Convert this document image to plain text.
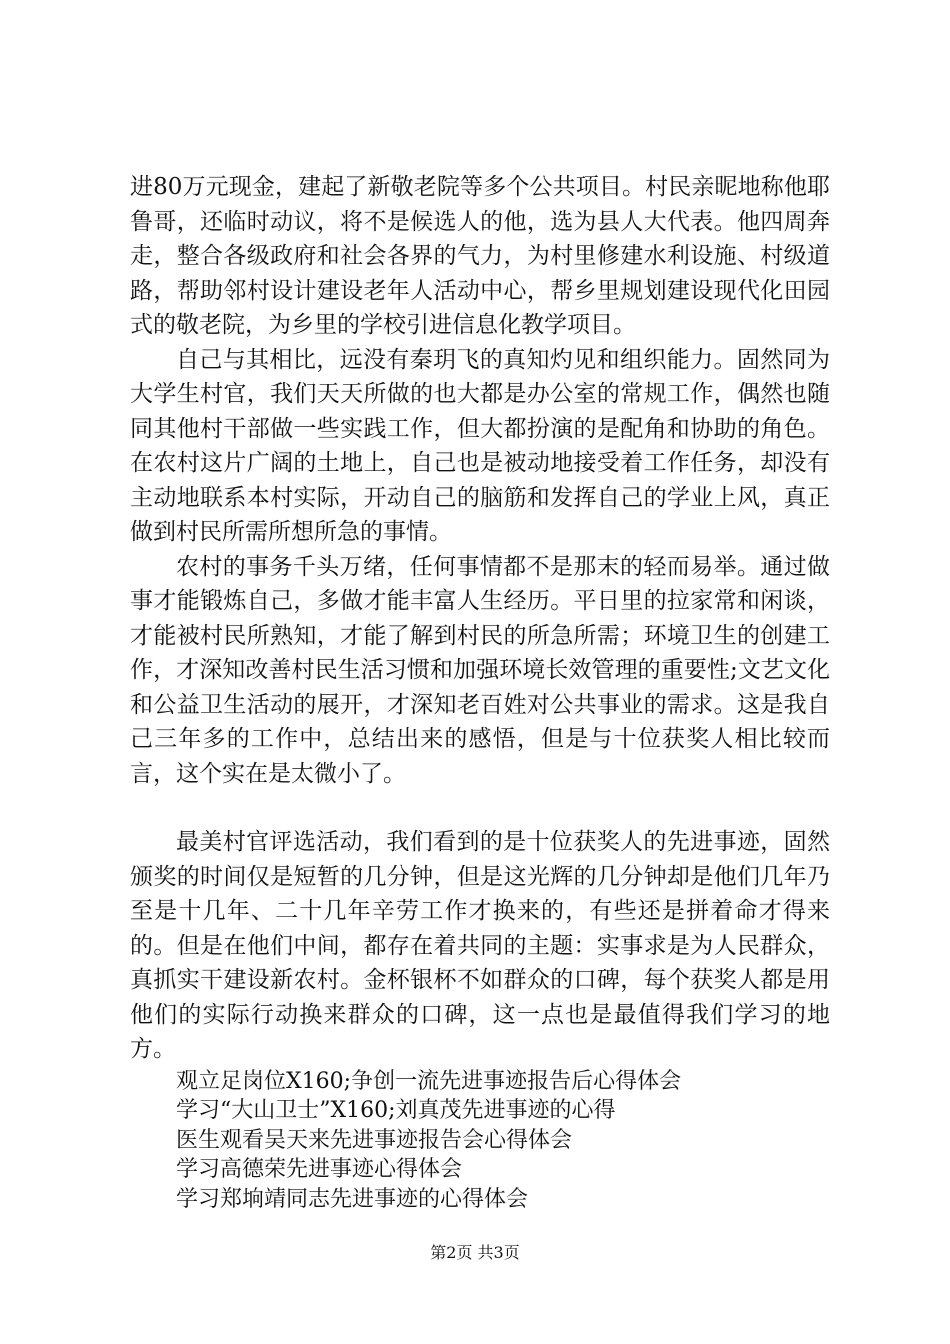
进80万元现金，建起了新敬老院等多个公共项目。村民亲昵地称他耶鲁哥，还临时动议，将不是候选人的他，选为县人大代表。他四周奔走，整合各级政府和社会各界的气力，为村里修建水利设施、村级道路，帮助邻村设计建设老年人活动中心，帮乡里规划建设现代化田园式的敬老院，为乡里的学校引进信息化教学项目。

自己与其相比，远没有秦玥飞的真知灼见和组织能力。固然同为大学生村官，我们天天所做的也大都是办公室的常规工作，偶然也随同其他村干部做一些实践工作，但大都扮演的是配角和协助的角色。在农村这片广阔的土地上，自己也是被动地接受着工作任务，却没有主动地联系本村实际，开动自己的脑筋和发挥自己的学业上风，真正做到村民所需所想所急的事情。

农村的事务千头万绪，任何事情都不是那末的轻而易举。通过做事才能锻炼自己，多做才能丰富人生经历。平日里的拉家常和闲谈，才能被村民所熟知，才能了解到村民的所急所需；环境卫生的创建工作，才深知改善村民生活习惯和加强环境长效管理的重要性;文艺文化和公益卫生活动的展开，才深知老百姓对公共事业的需求。这是我自己三年多的工作中，总结出来的感悟，但是与十位获奖人相比较而言，这个实在是太微小了。

最美村官评选活动，我们看到的是十位获奖人的先进事迹，固然颁奖的时间仅是短暂的几分钟，但是这光辉的几分钟却是他们几年乃至是十几年、二十几年辛劳工作才换来的，有些还是拼着命才得来的。但是在他们中间，都存在着共同的主题：实事求是为人民群众，真抓实干建设新农村。金杯银杯不如群众的口碑，每个获奖人都是用他们的实际行动换来群众的口碑，这一点也是最值得我们学习的地方。

观立足岗位X160;争创一流先进事迹报告后心得体会
学习“大山卫士”X160;刘真茂先进事迹的心得
医生观看吴天来先进事迹报告会心得体会
学习高德荣先进事迹心得体会
学习郑垧靖同志先进事迹的心得体会
第2页 共3页
